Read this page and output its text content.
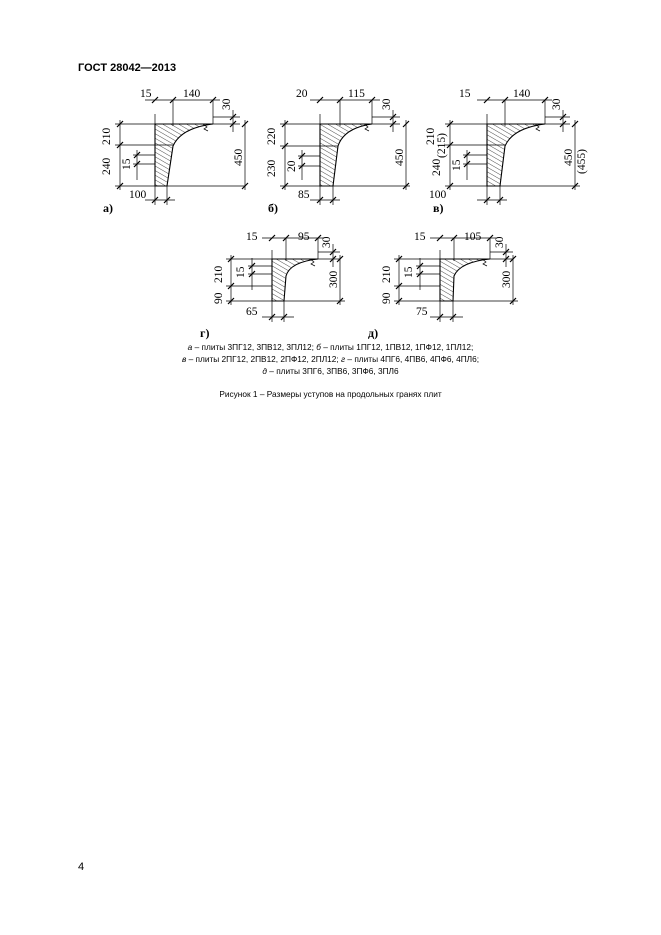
ГОСТ 28042—2013
15	140
30
210
240 15	450
100
а)
20	115
30
220
230 20
450
85
б)
15	140
30
210 (215)
240 15	450 (455)
100
в)
15	95 30
210
90
15	300
65
г)
15	105 30
210
90
15	300
75
д)
а – плиты 3ПГ12, 3ПВ12, 3ПЛ12; б – плиты 1ПГ12, 1ПВ12, 1ПФ12, 1ПЛ12;
в – плиты 2ПГ12, 2ПВ12, 2ПФ12, 2ПЛ12; г – плиты 4ПГ6, 4ПВ6, 4ПФ6, 4ПЛ6;
д – плиты 3ПГ6, 3ПВ6, 3ПФ6, 3ПЛ6
Рисунок 1 – Размеры уступов на продольных гранях плит
4
